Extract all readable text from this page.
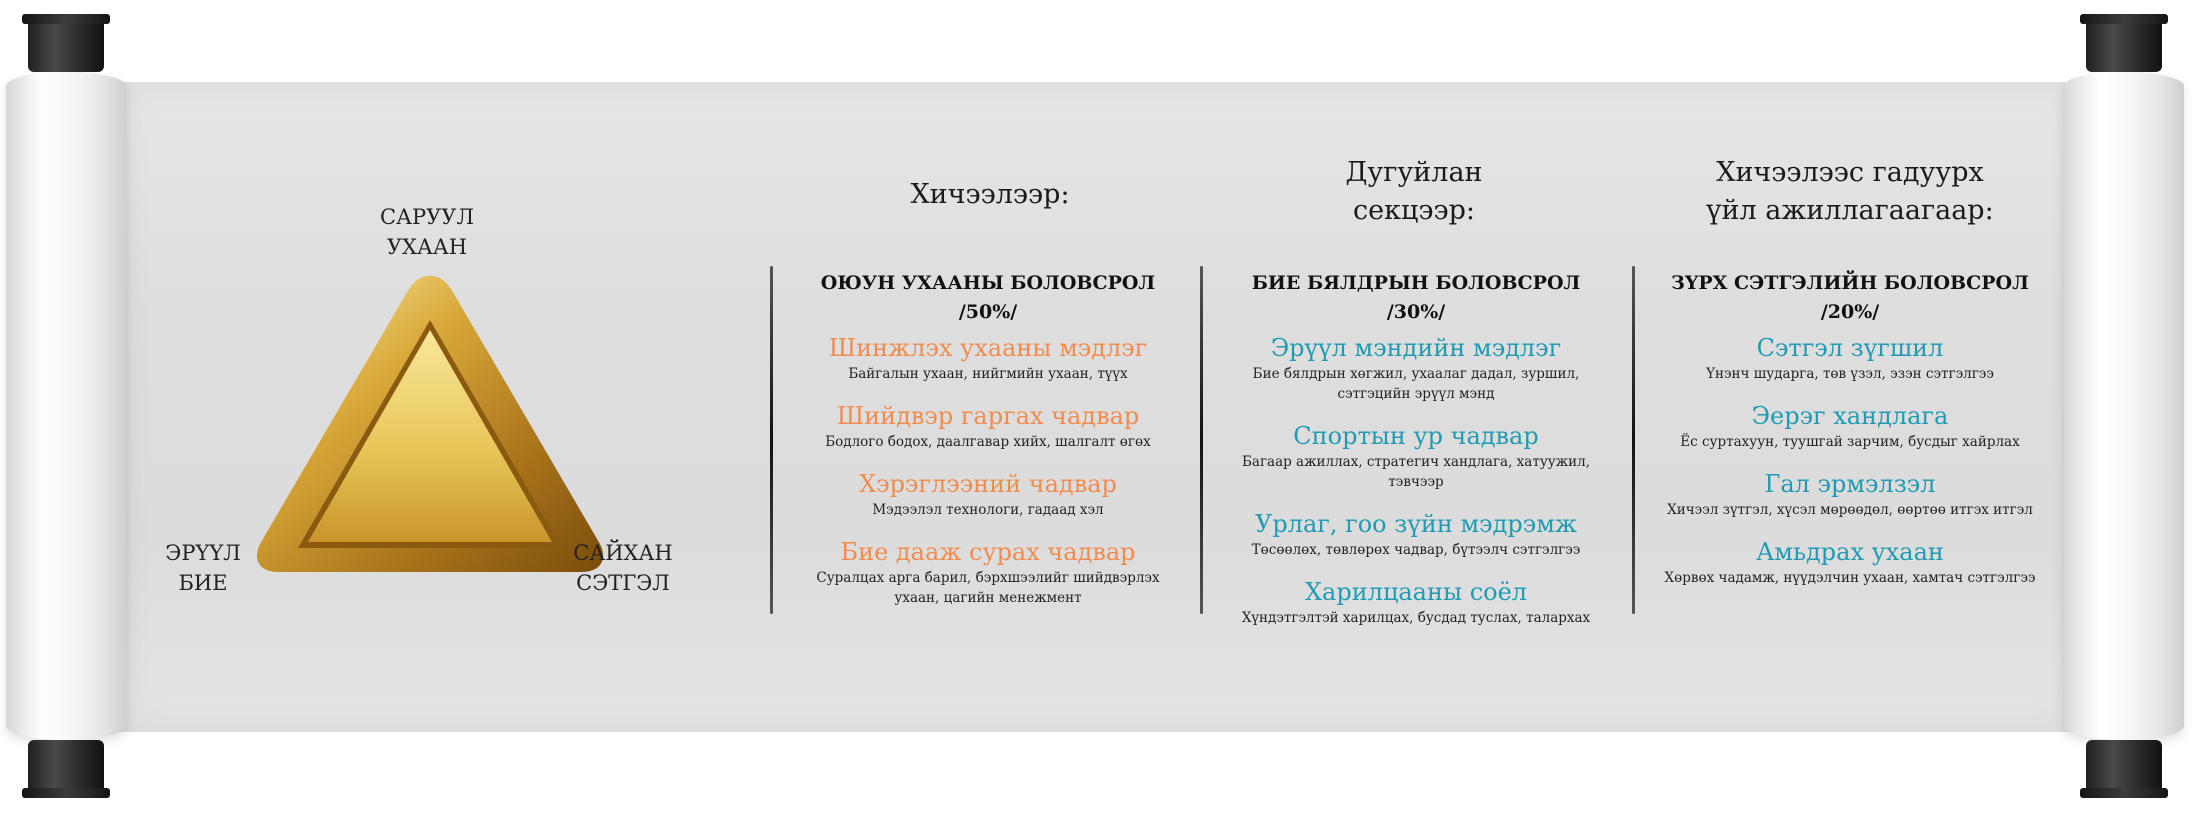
САРУУЛ
УХААН
ЭРҮҮЛ
БИЕ
САЙХАН
СЭТГЭЛ
Хичээлээр:
Дугуйлан
секцээр:
Хичээлээс гадуурх
үйл ажиллагаагаар:
ОЮУН УХААНЫ БОЛОВСРОЛ
/50%/
Шинжлэх ухааны мэдлэг
Байгалын ухаан, нийгмийн ухаан, түүх
Шийдвэр гаргах чадвар
Бодлого бодох, даалгавар хийх, шалгалт өгөх
Хэрэглээний чадвар
Мэдээлэл технологи, гадаад хэл
Бие дааж сурах чадвар
Суралцах арга барил, бэрхшээлийг шийдвэрлэх ухаан, цагийн менежмент
БИЕ БЯЛДРЫН БОЛОВСРОЛ
/30%/
Эрүүл мэндийн мэдлэг
Бие бялдрын хөгжил, ухаалаг дадал, зуршил, сэтгэцийн эрүүл мэнд
Спортын ур чадвар
Багаар ажиллах, стратегич хандлага, хатуужил, тэвчээр
Урлаг, гоо зүйн мэдрэмж
Төсөөлөх, төвлөрөх чадвар, бүтээлч сэтгэлгээ
Харилцааны соёл
Хүндэтгэлтэй харилцах, бусдад туслах, талархах
ЗҮРХ СЭТГЭЛИЙН БОЛОВСРОЛ
/20%/
Сэтгэл зүгшил
Үнэнч шударга, төв үзэл, эзэн сэтгэлгээ
Эерэг хандлага
Ёс суртахуун, туушгай зарчим, бусдыг хайрлах
Гал эрмэлзэл
Хичээл зүтгэл, хүсэл мөрөөдөл, өөртөө итгэх итгэл
Амьдрах ухаан
Хөрвөх чадамж, нүүдэлчин ухаан, хамтач сэтгэлгээ
